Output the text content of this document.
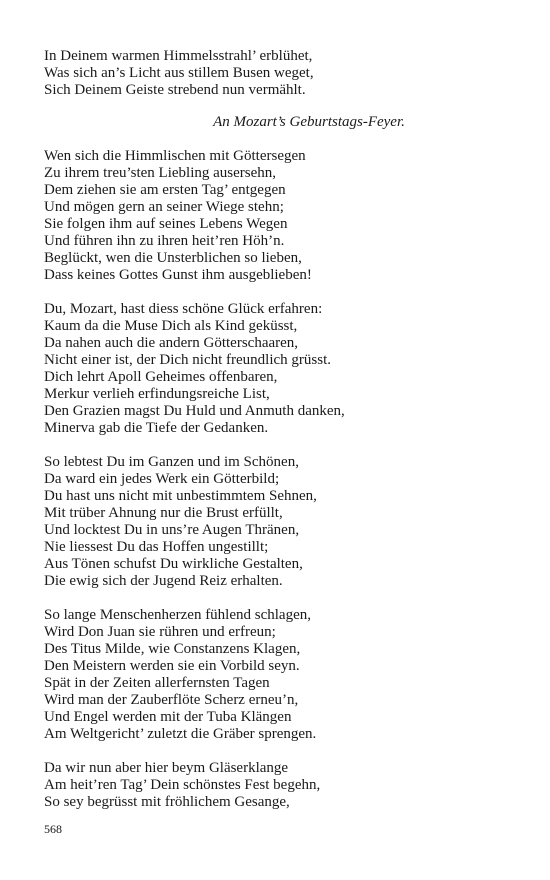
In Deinem warmen Himmelsstrahl’ erblühet,
Was sich an’s Licht aus stillem Busen weget,
Sich Deinem Geiste strebend nun vermählt.
An Mozart’s Geburtstags-Feyer.
Wen sich die Himmlischen mit Göttersegen
Zu ihrem treu’sten Liebling ausersehn,
Dem ziehen sie am ersten Tag’ entgegen
Und mögen gern an seiner Wiege stehn;
Sie folgen ihm auf seines Lebens Wegen
Und führen ihn zu ihren heit’ren Höh’n.
Beglückt, wen die Unsterblichen so lieben,
Dass keines Gottes Gunst ihm ausgeblieben!
Du, Mozart, hast diess schöne Glück erfahren:
Kaum da die Muse Dich als Kind geküsst,
Da nahen auch die andern Götterschaaren,
Nicht einer ist, der Dich nicht freundlich grüsst.
Dich lehrt Apoll Geheimes offenbaren,
Merkur verlieh erfindungsreiche List,
Den Grazien magst Du Huld und Anmuth danken,
Minerva gab die Tiefe der Gedanken.
So lebtest Du im Ganzen und im Schönen,
Da ward ein jedes Werk ein Götterbild;
Du hast uns nicht mit unbestimmtem Sehnen,
Mit trüber Ahnung nur die Brust erfüllt,
Und locktest Du in uns’re Augen Thränen,
Nie liessest Du das Hoffen ungestillt;
Aus Tönen schufst Du wirkliche Gestalten,
Die ewig sich der Jugend Reiz erhalten.
So lange Menschenherzen fühlend schlagen,
Wird Don Juan sie rühren und erfreun;
Des Titus Milde, wie Constanzens Klagen,
Den Meistern werden sie ein Vorbild seyn.
Spät in der Zeiten allerfernsten Tagen
Wird man der Zauberflöte Scherz erneu’n,
Und Engel werden mit der Tuba Klängen
Am Weltgericht’ zuletzt die Gräber sprengen.
Da wir nun aber hier beym Gläserklange
Am heit’ren Tag’ Dein schönstes Fest begehn,
So sey begrüsst mit fröhlichem Gesange,
568
